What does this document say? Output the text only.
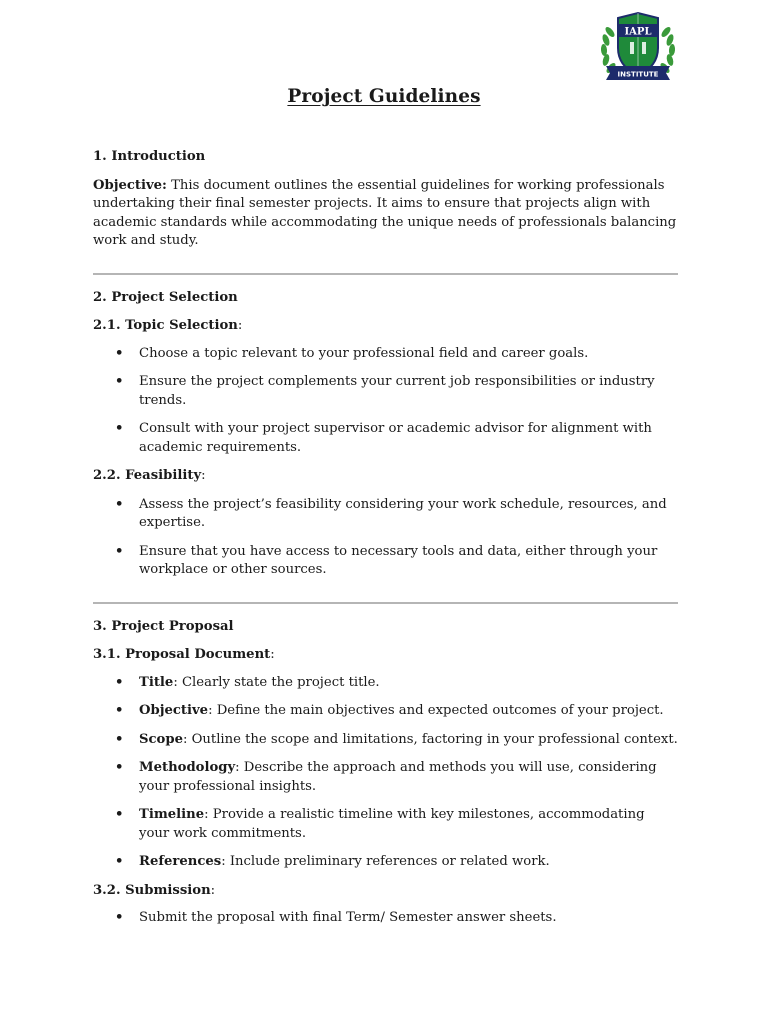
IAPL
INSTITUTE
Project Guidelines

1. Introduction

Objective: This document outlines the essential guidelines for working professionals undertaking their final semester projects. It aims to ensure that projects align with academic standards while accommodating the unique needs of professionals balancing work and study.

2. Project Selection

2.1. Topic Selection:

• Choose a topic relevant to your professional field and career goals.
• Ensure the project complements your current job responsibilities or industry trends.
• Consult with your project supervisor or academic advisor for alignment with academic requirements.

2.2. Feasibility:

• Assess the project’s feasibility considering your work schedule, resources, and expertise.
• Ensure that you have access to necessary tools and data, either through your workplace or other sources.

3. Project Proposal

3.1. Proposal Document:

• Title: Clearly state the project title.
• Objective: Define the main objectives and expected outcomes of your project.
• Scope: Outline the scope and limitations, factoring in your professional context.
• Methodology: Describe the approach and methods you will use, considering your professional insights.
• Timeline: Provide a realistic timeline with key milestones, accommodating your work commitments.
• References: Include preliminary references or related work.

3.2. Submission:

• Submit the proposal with final Term/ Semester answer sheets.
